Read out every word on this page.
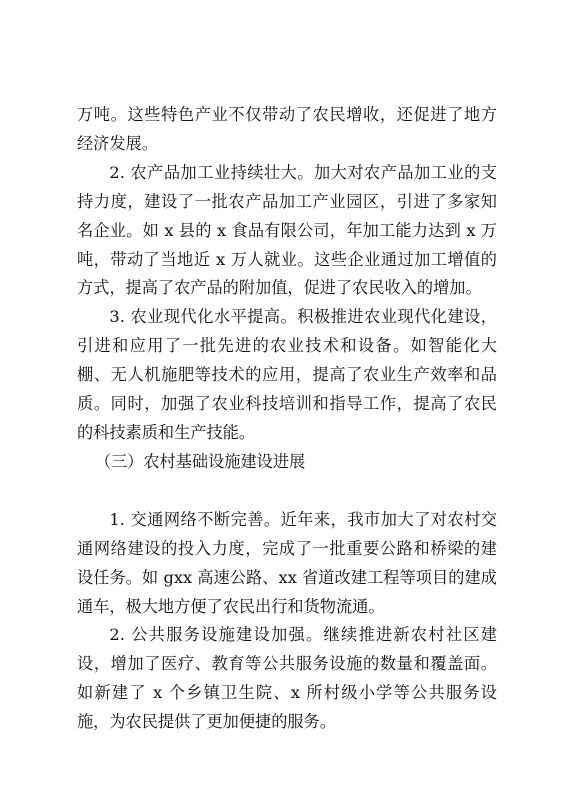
万吨。这些特色产业不仅带动了农民增收，还促进了地方经济发展。

2. 农产品加工业持续壮大。加大对农产品加工业的支持力度，建设了一批农产品加工产业园区，引进了多家知名企业。如 x 县的 x 食品有限公司，年加工能力达到 x 万吨，带动了当地近 x 万人就业。这些企业通过加工增值的方式，提高了农产品的附加值，促进了农民收入的增加。

3. 农业现代化水平提高。积极推进农业现代化建设，引进和应用了一批先进的农业技术和设备。如智能化大棚、无人机施肥等技术的应用，提高了农业生产效率和品质。同时，加强了农业科技培训和指导工作，提高了农民的科技素质和生产技能。

（三）农村基础设施建设进展

1. 交通网络不断完善。近年来，我市加大了对农村交通网络建设的投入力度，完成了一批重要公路和桥梁的建设任务。如 gxx 高速公路、xx 省道改建工程等项目的建成通车，极大地方便了农民出行和货物流通。

2. 公共服务设施建设加强。继续推进新农村社区建设，增加了医疗、教育等公共服务设施的数量和覆盖面。如新建了 x 个乡镇卫生院、x 所村级小学等公共服务设施，为农民提供了更加便捷的服务。
